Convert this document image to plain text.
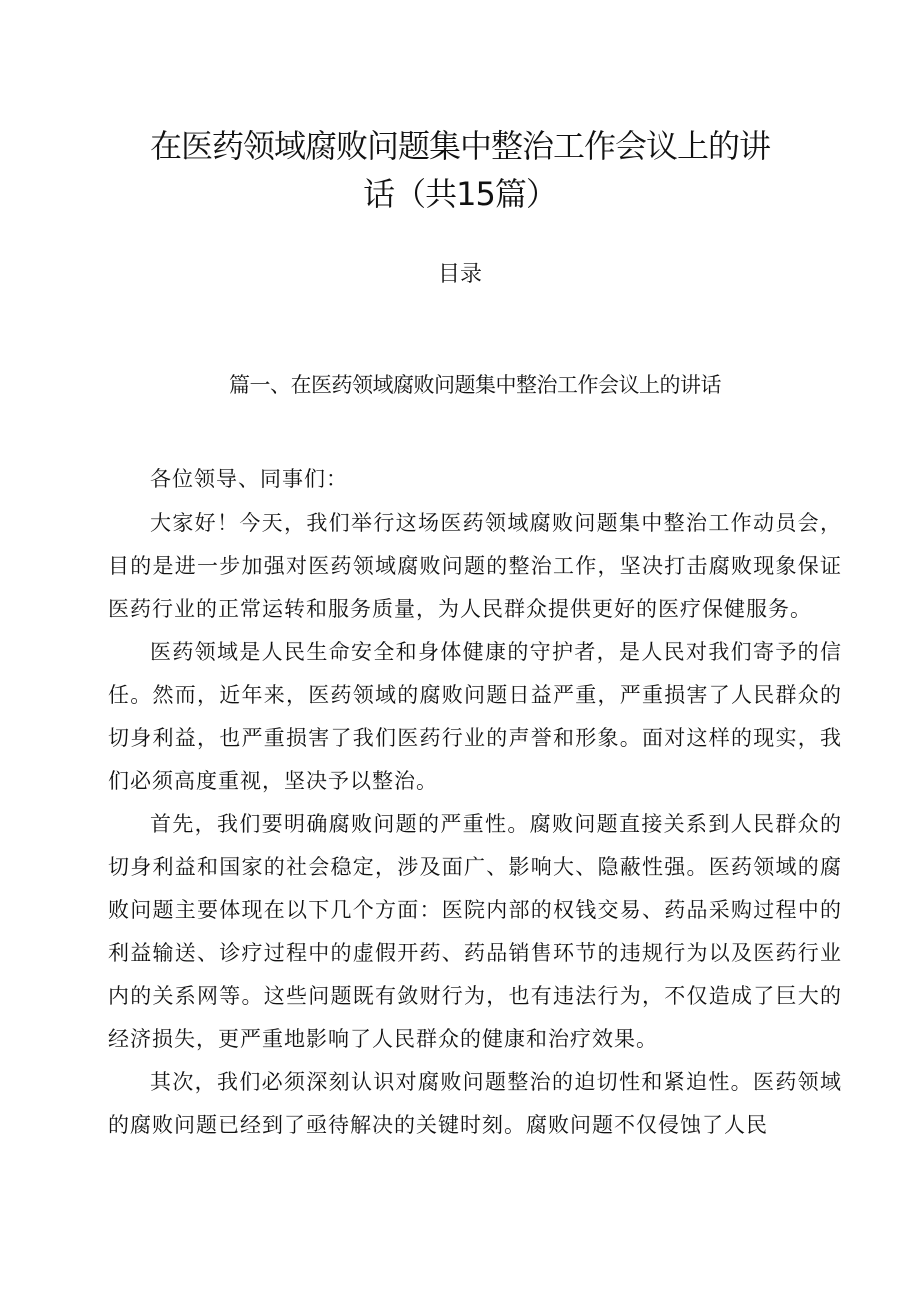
在医药领域腐败问题集中整治工作会议上的讲
话（共15篇）
目录
篇一、在医药领域腐败问题集中整治工作会议上的讲话

各位领导、同事们：

大家好！今天，我们举行这场医药领域腐败问题集中整治工作动员会，目的是进一步加强对医药领域腐败问题的整治工作，坚决打击腐败现象保证医药行业的正常运转和服务质量，为人民群众提供更好的医疗保健服务。

医药领域是人民生命安全和身体健康的守护者，是人民对我们寄予的信任。然而，近年来，医药领域的腐败问题日益严重，严重损害了人民群众的切身利益，也严重损害了我们医药行业的声誉和形象。面对这样的现实，我们必须高度重视，坚决予以整治。

首先，我们要明确腐败问题的严重性。腐败问题直接关系到人民群众的切身利益和国家的社会稳定，涉及面广、影响大、隐蔽性强。医药领域的腐败问题主要体现在以下几个方面：医院内部的权钱交易、药品采购过程中的利益输送、诊疗过程中的虚假开药、药品销售环节的违规行为以及医药行业内的关系网等。这些问题既有敛财行为，也有违法行为，不仅造成了巨大的经济损失，更严重地影响了人民群众的健康和治疗效果。

其次，我们必须深刻认识对腐败问题整治的迫切性和紧迫性。医药领域的腐败问题已经到了亟待解决的关键时刻。腐败问题不仅侵蚀了人民
